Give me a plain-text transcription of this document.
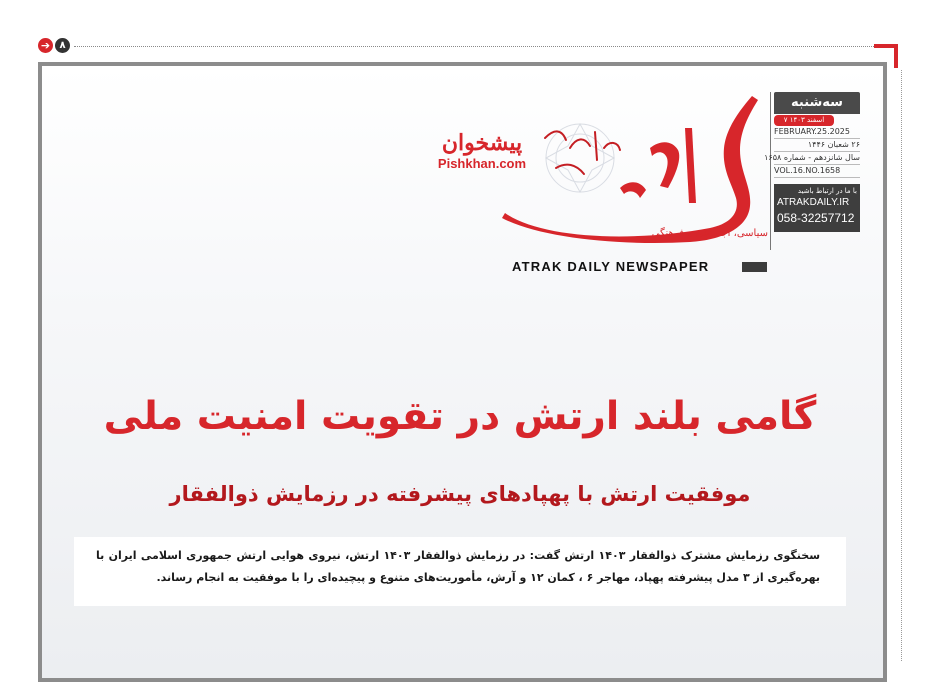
➔ ۸
پیشخوان
Pishkhan.com
سیاسی، اجتماعی و فرهنگی
ATRAK DAILY NEWSPAPER
سه‌شنبه
۷ اسفند ۱۴۰۳
FEBRUARY.25.2025
۲۶ شعبان ۱۴۴۶
سال شانزدهم - شماره ۱۶۵۸
VOL.16.NO.1658
با ما در ارتباط باشید
ATRAKDAILY.IR
058-32257712
گامی بلند ارتش در تقویت امنیت ملی
موفقیت ارتش با پهپادهای پیشرفته در رزمایش ذوالفقار
سخنگوی رزمایش مشترک ذوالفقار ۱۴۰۳ ارتش گفت: در رزمایش ذوالفقار ۱۴۰۳ ارتش، نیروی هوایی ارتش جمهوری اسلامی ایران با بهره‌گیری از ۳ مدل پیشرفته پهپاد، مهاجر ۶ ، کمان ۱۲ و آرش، مأموریت‌های متنوع و پیچیده‌ای را با موفقیت به انجام رساند.
